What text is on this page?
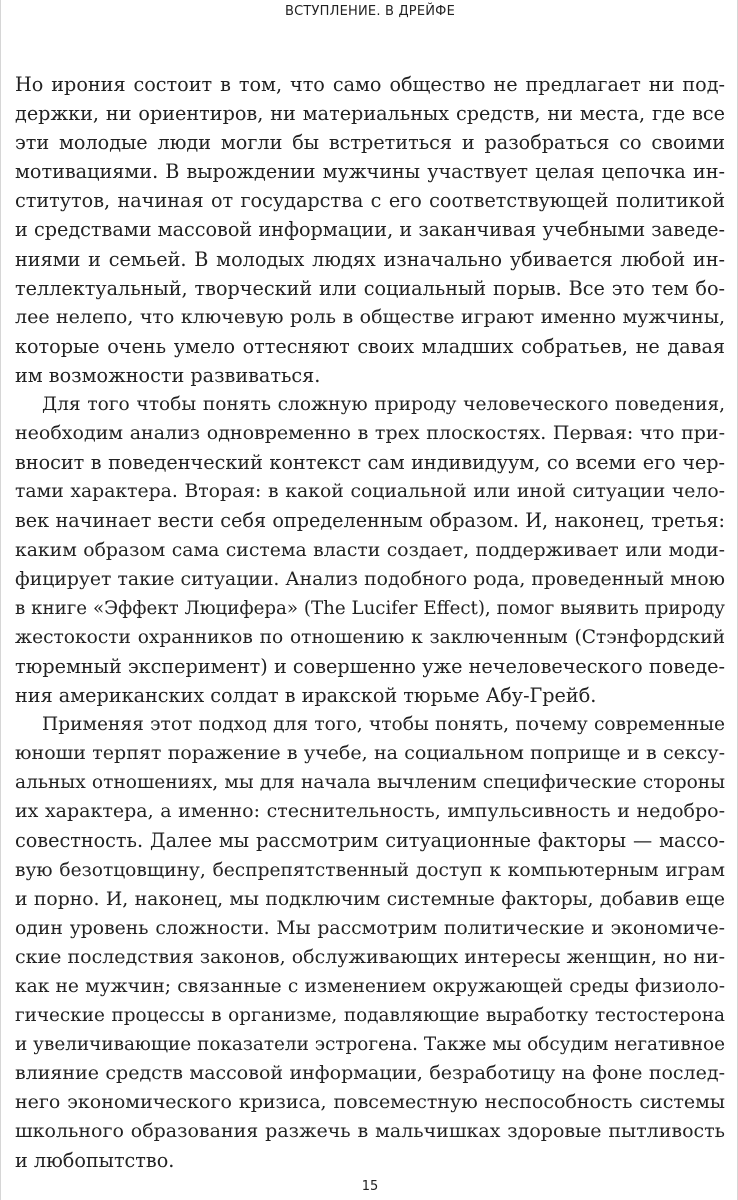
ВСТУПЛЕНИЕ. В ДРЕЙФЕ
Но ирония состоит в том, что само общество не предлагает ни под-
держки, ни ориентиров, ни материальных средств, ни места, где все
эти молодые люди могли бы встретиться и разобраться со своими
мотивациями. В вырождении мужчины участвует целая цепочка ин-
ститутов, начиная от государства с его соответствующей политикой
и средствами массовой информации, и заканчивая учебными заведе-
ниями и семьей. В молодых людях изначально убивается любой ин-
теллектуальный, творческий или социальный порыв. Все это тем бо-
лее нелепо, что ключевую роль в обществе играют именно мужчины,
которые очень умело оттесняют своих младших собратьев, не давая
им возможности развиваться.
Для того чтобы понять сложную природу человеческого поведения,
необходим анализ одновременно в трех плоскостях. Первая: что при-
вносит в поведенческий контекст сам индивидуум, со всеми его чер-
тами характера. Вторая: в какой социальной или иной ситуации чело-
век начинает вести себя определенным образом. И, наконец, третья:
каким образом сама система власти создает, поддерживает или моди-
фицирует такие ситуации. Анализ подобного рода, проведенный мною
в книге «Эффект Люцифера» (The Lucifer Effect), помог выявить природу
жестокости охранников по отношению к заключенным (Стэнфордский
тюремный эксперимент) и совершенно уже нечеловеческого поведе-
ния американских солдат в иракской тюрьме Абу-Грейб.
Применяя этот подход для того, чтобы понять, почему современные
юноши терпят поражение в учебе, на социальном поприще и в сексу-
альных отношениях, мы для начала вычленим специфические стороны
их характера, а именно: стеснительность, импульсивность и недобро-
совестность. Далее мы рассмотрим ситуационные факторы — массо-
вую безотцовщину, беспрепятственный доступ к компьютерным играм
и порно. И, наконец, мы подключим системные факторы, добавив еще
один уровень сложности. Мы рассмотрим политические и экономиче-
ские последствия законов, обслуживающих интересы женщин, но ни-
как не мужчин; связанные с изменением окружающей среды физиоло-
гические процессы в организме, подавляющие выработку тестостерона
и увеличивающие показатели эстрогена. Также мы обсудим негативное
влияние средств массовой информации, безработицу на фоне послед-
него экономического кризиса, повсеместную неспособность системы
школьного образования разжечь в мальчишках здоровые пытливость
и любопытство.
15
